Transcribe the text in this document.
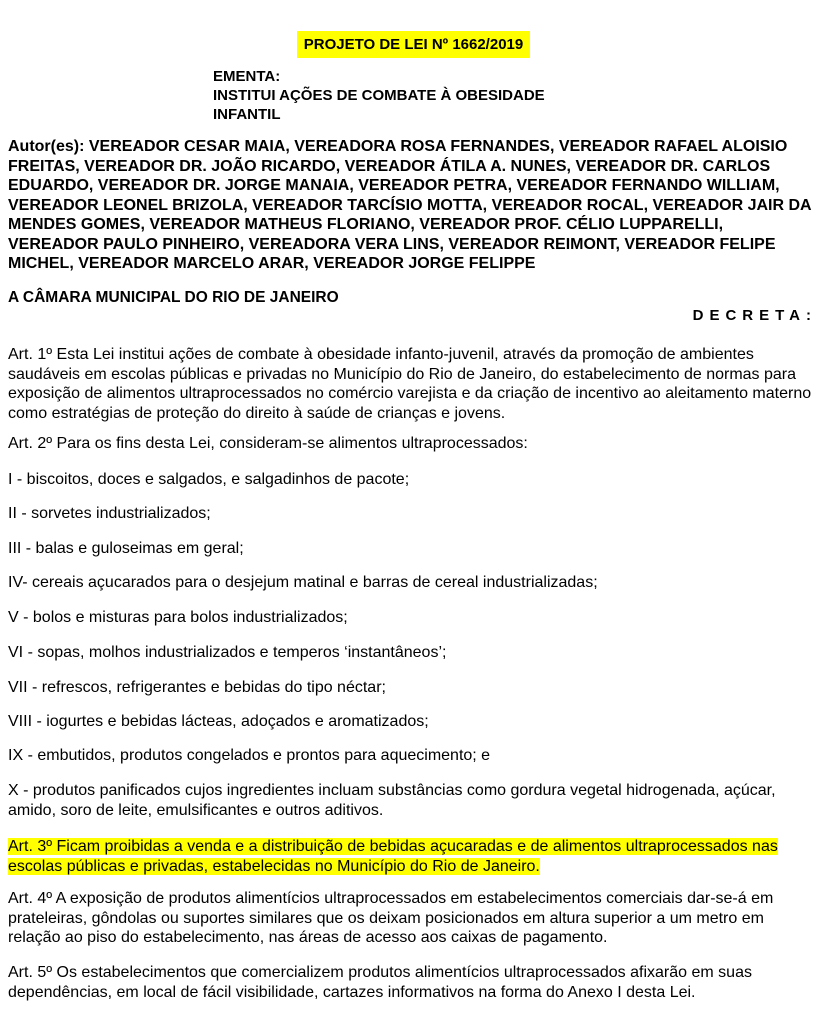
PROJETO DE LEI Nº 1662/2019
EMENTA:
INSTITUI AÇÕES DE COMBATE À OBESIDADE
INFANTIL
Autor(es): VEREADOR CESAR MAIA, VEREADORA ROSA FERNANDES, VEREADOR RAFAEL ALOISIO FREITAS, VEREADOR DR. JOÃO RICARDO, VEREADOR ÁTILA A. NUNES, VEREADOR DR. CARLOS EDUARDO, VEREADOR DR. JORGE MANAIA, VEREADOR PETRA, VEREADOR FERNANDO WILLIAM, VEREADOR LEONEL BRIZOLA, VEREADOR TARCÍSIO MOTTA, VEREADOR ROCAL, VEREADOR JAIR DA MENDES GOMES, VEREADOR MATHEUS FLORIANO, VEREADOR PROF. CÉLIO LUPPARELLI, VEREADOR PAULO PINHEIRO, VEREADORA VERA LINS, VEREADOR REIMONT, VEREADOR FELIPE MICHEL, VEREADOR MARCELO ARAR, VEREADOR JORGE FELIPPE
A CÂMARA MUNICIPAL DO RIO DE JANEIRO
DECRETA:
Art. 1º Esta Lei institui ações de combate à obesidade infanto-juvenil, através da promoção de ambientes saudáveis em escolas públicas e privadas no Município do Rio de Janeiro, do estabelecimento de normas para exposição de alimentos ultraprocessados no comércio varejista e da criação de incentivo ao aleitamento materno como estratégias de proteção do direito à saúde de crianças e jovens.
Art. 2º Para os fins desta Lei, consideram-se alimentos ultraprocessados:
I - biscoitos, doces e salgados, e salgadinhos de pacote;
II - sorvetes industrializados;
III - balas e guloseimas em geral;
IV- cereais açucarados para o desjejum matinal e barras de cereal industrializadas;
V - bolos e misturas para bolos industrializados;
VI - sopas, molhos industrializados e temperos ‘instantâneos’;
VII - refrescos, refrigerantes e bebidas do tipo néctar;
VIII - iogurtes e bebidas lácteas, adoçados e aromatizados;
IX - embutidos, produtos congelados e prontos para aquecimento; e
X - produtos panificados cujos ingredientes incluam substâncias como gordura vegetal hidrogenada, açúcar, amido, soro de leite, emulsificantes e outros aditivos.
Art. 3º Ficam proibidas a venda e a distribuição de bebidas açucaradas e de alimentos ultraprocessados nas escolas públicas e privadas, estabelecidas no Município do Rio de Janeiro.
Art. 4º A exposição de produtos alimentícios ultraprocessados em estabelecimentos comerciais dar-se-á em prateleiras, gôndolas ou suportes similares que os deixam posicionados em altura superior a um metro em relação ao piso do estabelecimento, nas áreas de acesso aos caixas de pagamento.
Art. 5º Os estabelecimentos que comercializem produtos alimentícios ultraprocessados afixarão em suas dependências, em local de fácil visibilidade, cartazes informativos na forma do Anexo I desta Lei.
